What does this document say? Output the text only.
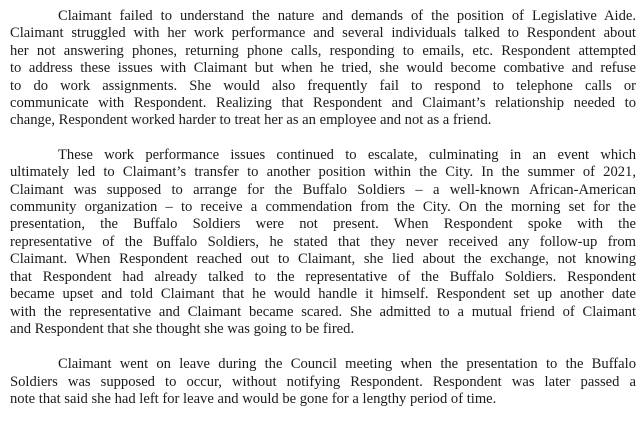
Claimant failed to understand the nature and demands of the position of Legislative Aide.
Claimant struggled with her work performance and several individuals talked to Respondent about
her not answering phones, returning phone calls, responding to emails, etc. Respondent attempted
to address these issues with Claimant but when he tried, she would become combative and refuse
to do work assignments. She would also frequently fail to respond to telephone calls or
communicate with Respondent. Realizing that Respondent and Claimant’s relationship needed to
change, Respondent worked harder to treat her as an employee and not as a friend.
These work performance issues continued to escalate, culminating in an event which
ultimately led to Claimant’s transfer to another position within the City. In the summer of 2021,
Claimant was supposed to arrange for the Buffalo Soldiers – a well-known African-American
community organization – to receive a commendation from the City. On the morning set for the
presentation, the Buffalo Soldiers were not present. When Respondent spoke with the
representative of the Buffalo Soldiers, he stated that they never received any follow-up from
Claimant. When Respondent reached out to Claimant, she lied about the exchange, not knowing
that Respondent had already talked to the representative of the Buffalo Soldiers. Respondent
became upset and told Claimant that he would handle it himself. Respondent set up another date
with the representative and Claimant became scared. She admitted to a mutual friend of Claimant
and Respondent that she thought she was going to be fired.
Claimant went on leave during the Council meeting when the presentation to the Buffalo
Soldiers was supposed to occur, without notifying Respondent. Respondent was later passed a
note that said she had left for leave and would be gone for a lengthy period of time.
